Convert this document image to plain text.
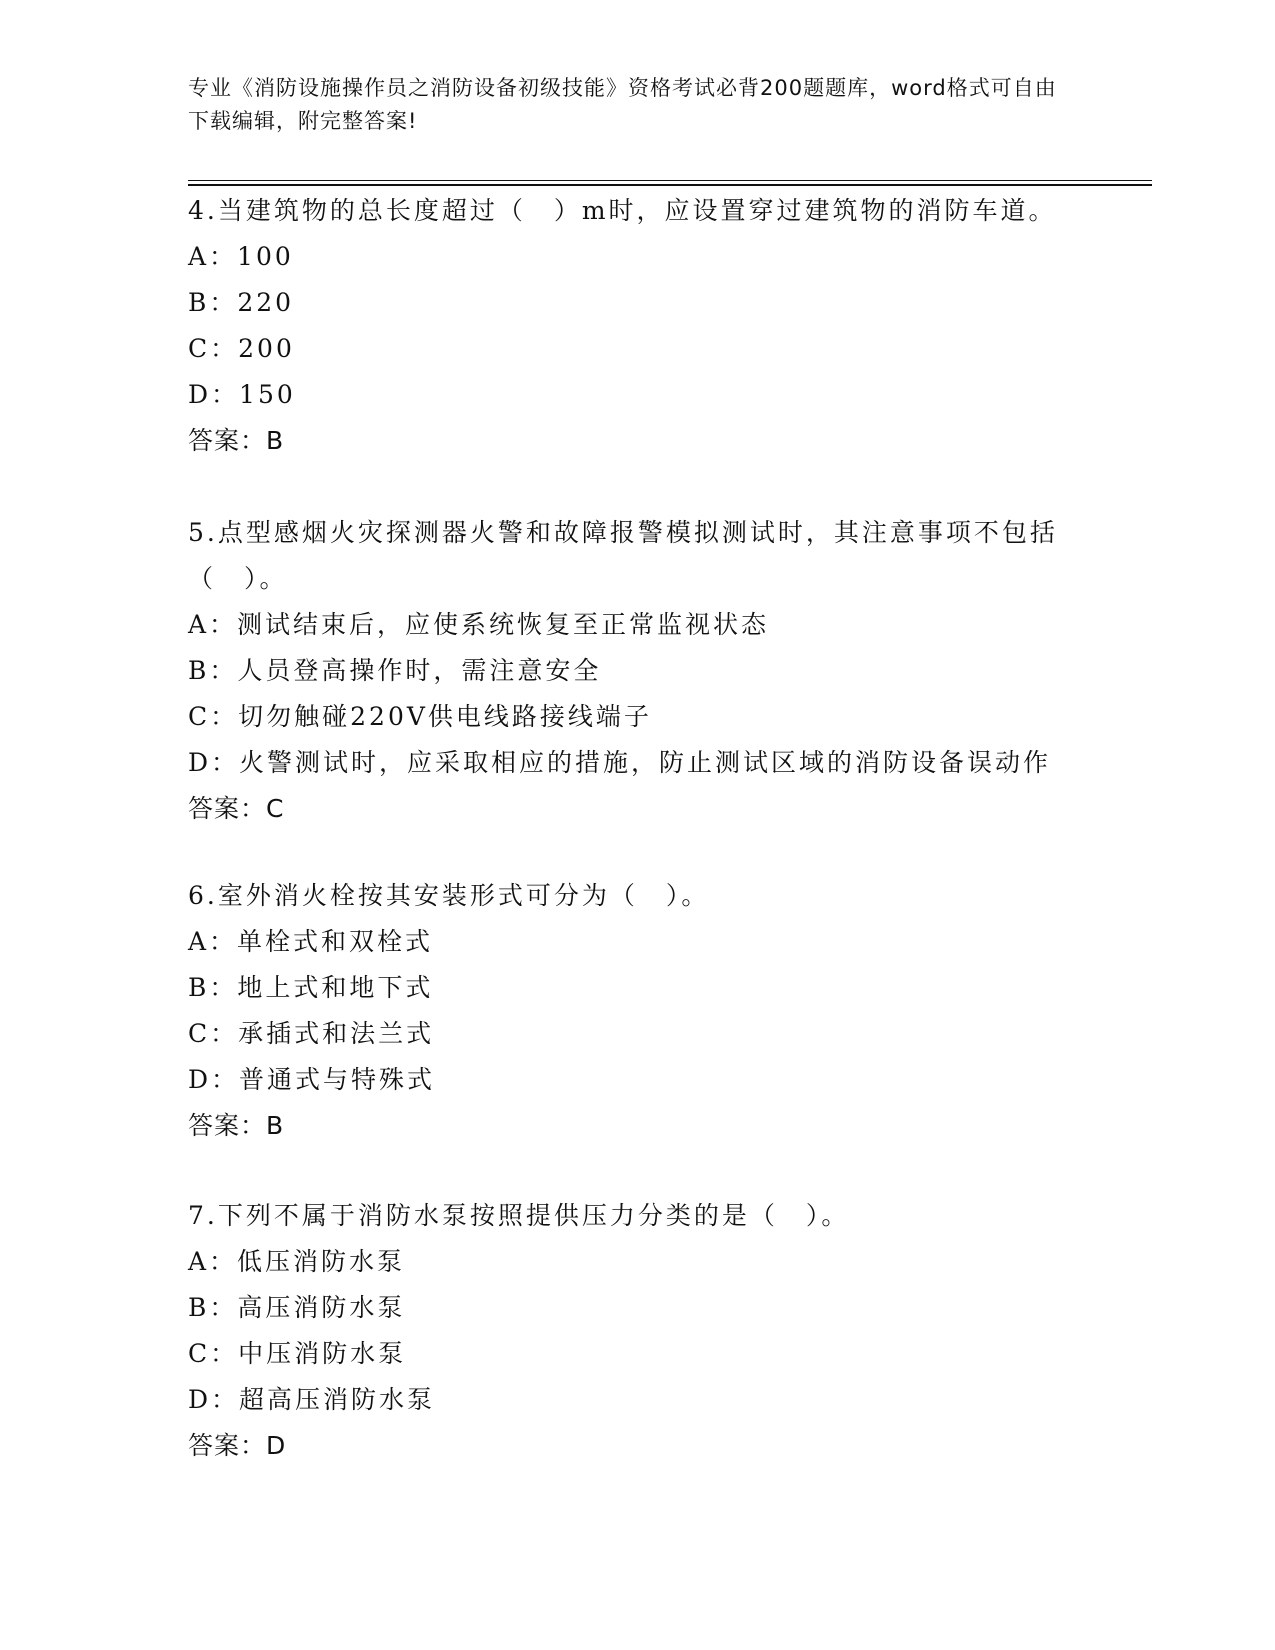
专业《消防设施操作员之消防设备初级技能》资格考试必背200题题库，word格式可自由下载编辑，附完整答案!
4.当建筑物的总长度超过（　）m时，应设置穿过建筑物的消防车道。
A：100
B：220
C：200
D：150
答案：B
5.点型感烟火灾探测器火警和故障报警模拟测试时，其注意事项不包括（　）。
A：测试结束后，应使系统恢复至正常监视状态
B：人员登高操作时，需注意安全
C：切勿触碰220V供电线路接线端子
D：火警测试时，应采取相应的措施，防止测试区域的消防设备误动作
答案：C
6.室外消火栓按其安装形式可分为（　）。
A：单栓式和双栓式
B：地上式和地下式
C：承插式和法兰式
D：普通式与特殊式
答案：B
7.下列不属于消防水泵按照提供压力分类的是（　）。
A：低压消防水泵
B：高压消防水泵
C：中压消防水泵
D：超高压消防水泵
答案：D
